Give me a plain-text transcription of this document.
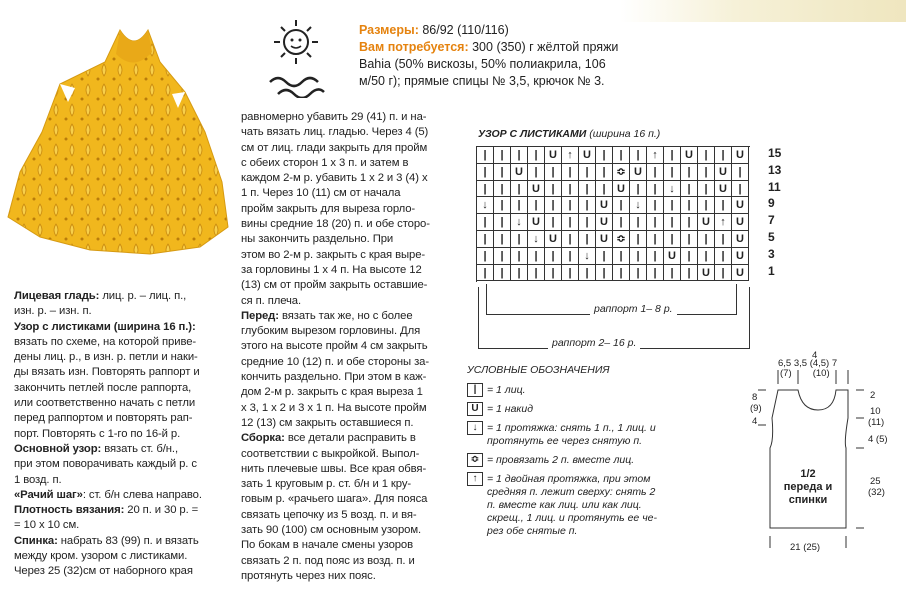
Размеры: 86/92 (110/116)
Вам потребуется: 300 (350) г жёлтой пряжи
Bahia (50% вискозы, 50% полиакрила, 106
м/50 г); прямые спицы № 3,5, крючок № 3.
Лицевая гладь: лиц. р. – лиц. п.,
изн. р. – изн. п.
Узор с листиками (ширина 16 п.):
вязать по схеме, на которой приве-
дены лиц. р., в изн. р. петли и наки-
ды вязать изн. Повторять раппорт и
закончить петлей после раппорта,
или соответственно начать с петли
перед раппортом и повторять рап-
порт. Повторять с 1-го по 16-й р.
Основной узор: вязать ст. б/н.,
при этом поворачивать каждый р. с
1 возд. п.
«Рачий шаг»: ст. б/н слева направо.
Плотность вязания: 20 п. и 30 р. =
= 10 х 10 см.
Спинка: набрать 83 (99) п. и вязать
между кром. узором с листиками.
Через 25 (32)см от наборного края
равномерно убавить 29 (41) п. и на-
чать вязать лиц. гладью. Через 4 (5)
см от лиц. глади закрыть для пройм
с обеих сторон 1 х 3 п. и затем в
каждом 2-м р. убавить 1 х 2 и 3 (4) х
1 п. Через 10 (11) см от начала
пройм закрыть для выреза горло-
вины средние 18 (20) п. и обе сторо-
ны закончить раздельно. При
этом во 2-м р. закрыть с края выре-
за горловины 1 х 4 п. На высоте 12
(13) см от пройм закрыть оставшие-
ся п. плеча.
Перед: вязать так же, но с более
глубоким вырезом горловины. Для
этого на высоте пройм 4 см закрыть
средние 10 (12) п. и обе стороны за-
кончить раздельно. При этом в каж-
дом 2-м р. закрыть с края выреза 1
х 3, 1 х 2 и 3 х 1 п. На высоте пройм
12 (13) см закрыть оставшиеся п.
Сборка: все детали расправить в
соответствии с выкройкой. Выпол-
нить плечевые швы. Все края обвя-
зать 1 круговым р. ст. б/н и 1 кру-
говым р. «рачьего шага». Для пояса
связать цепочку из 5 возд. п. и вя-
зать 90 (100) см основным узором.
По бокам в начале смены узоров
связать 2 п. под пояс из возд. п. и
протянуть через них пояс.
УЗОР С ЛИСТИКАМИ (ширина 16 п.)
|	|	|	|	U ↑ U	|	|	|	↑	|	U	|	|	U
|	|	U	|	|	|	|	| ≎ U	|	|	|	|	U	|
|	|	|	U	|	|	|	|	U	|	|	↓	|	|	U	|
↓	|	|	|	|	|	|	U	|	↓	|	|	|	|	|	U
|	|	↓ U	|	|	|	U	|	|	|	|	|	U ↑ U
|	|	|	↓ U	|	|	U ≎ |	|	|	|	|	|	U
|	|	|	|	|	|	↓	|	|	|	|	U	|	|	|	U
|	|	|	|	|	|	|	|	|	|	|	|	|	U	|	U
15
13
11
9
7
5
3
1
раппорт 1– 8 р.
раппорт 2– 16 р.
УСЛОВНЫЕ ОБОЗНАЧЕНИЯ
| = 1 лиц.
U = 1 накид
↓ = 1 протяжка: снять 1 п., 1 лиц. и
протянуть ее через снятую п.
≎ = провязать 2 п. вместе лиц.
↑ = 1 двойная протяжка, при этом
средняя п. лежит сверху: снять 2
п. вместе как лиц. или как лиц.
скрещ., 1 лиц. и протянуть ее че-
рез обе снятые п.
4
6,5 3,5 (4,5) 7
(7)        (10)
2
8
(9)
4
10
(11)
4 (5)
25
(32)
1/2
переда и
спинки
21 (25)
